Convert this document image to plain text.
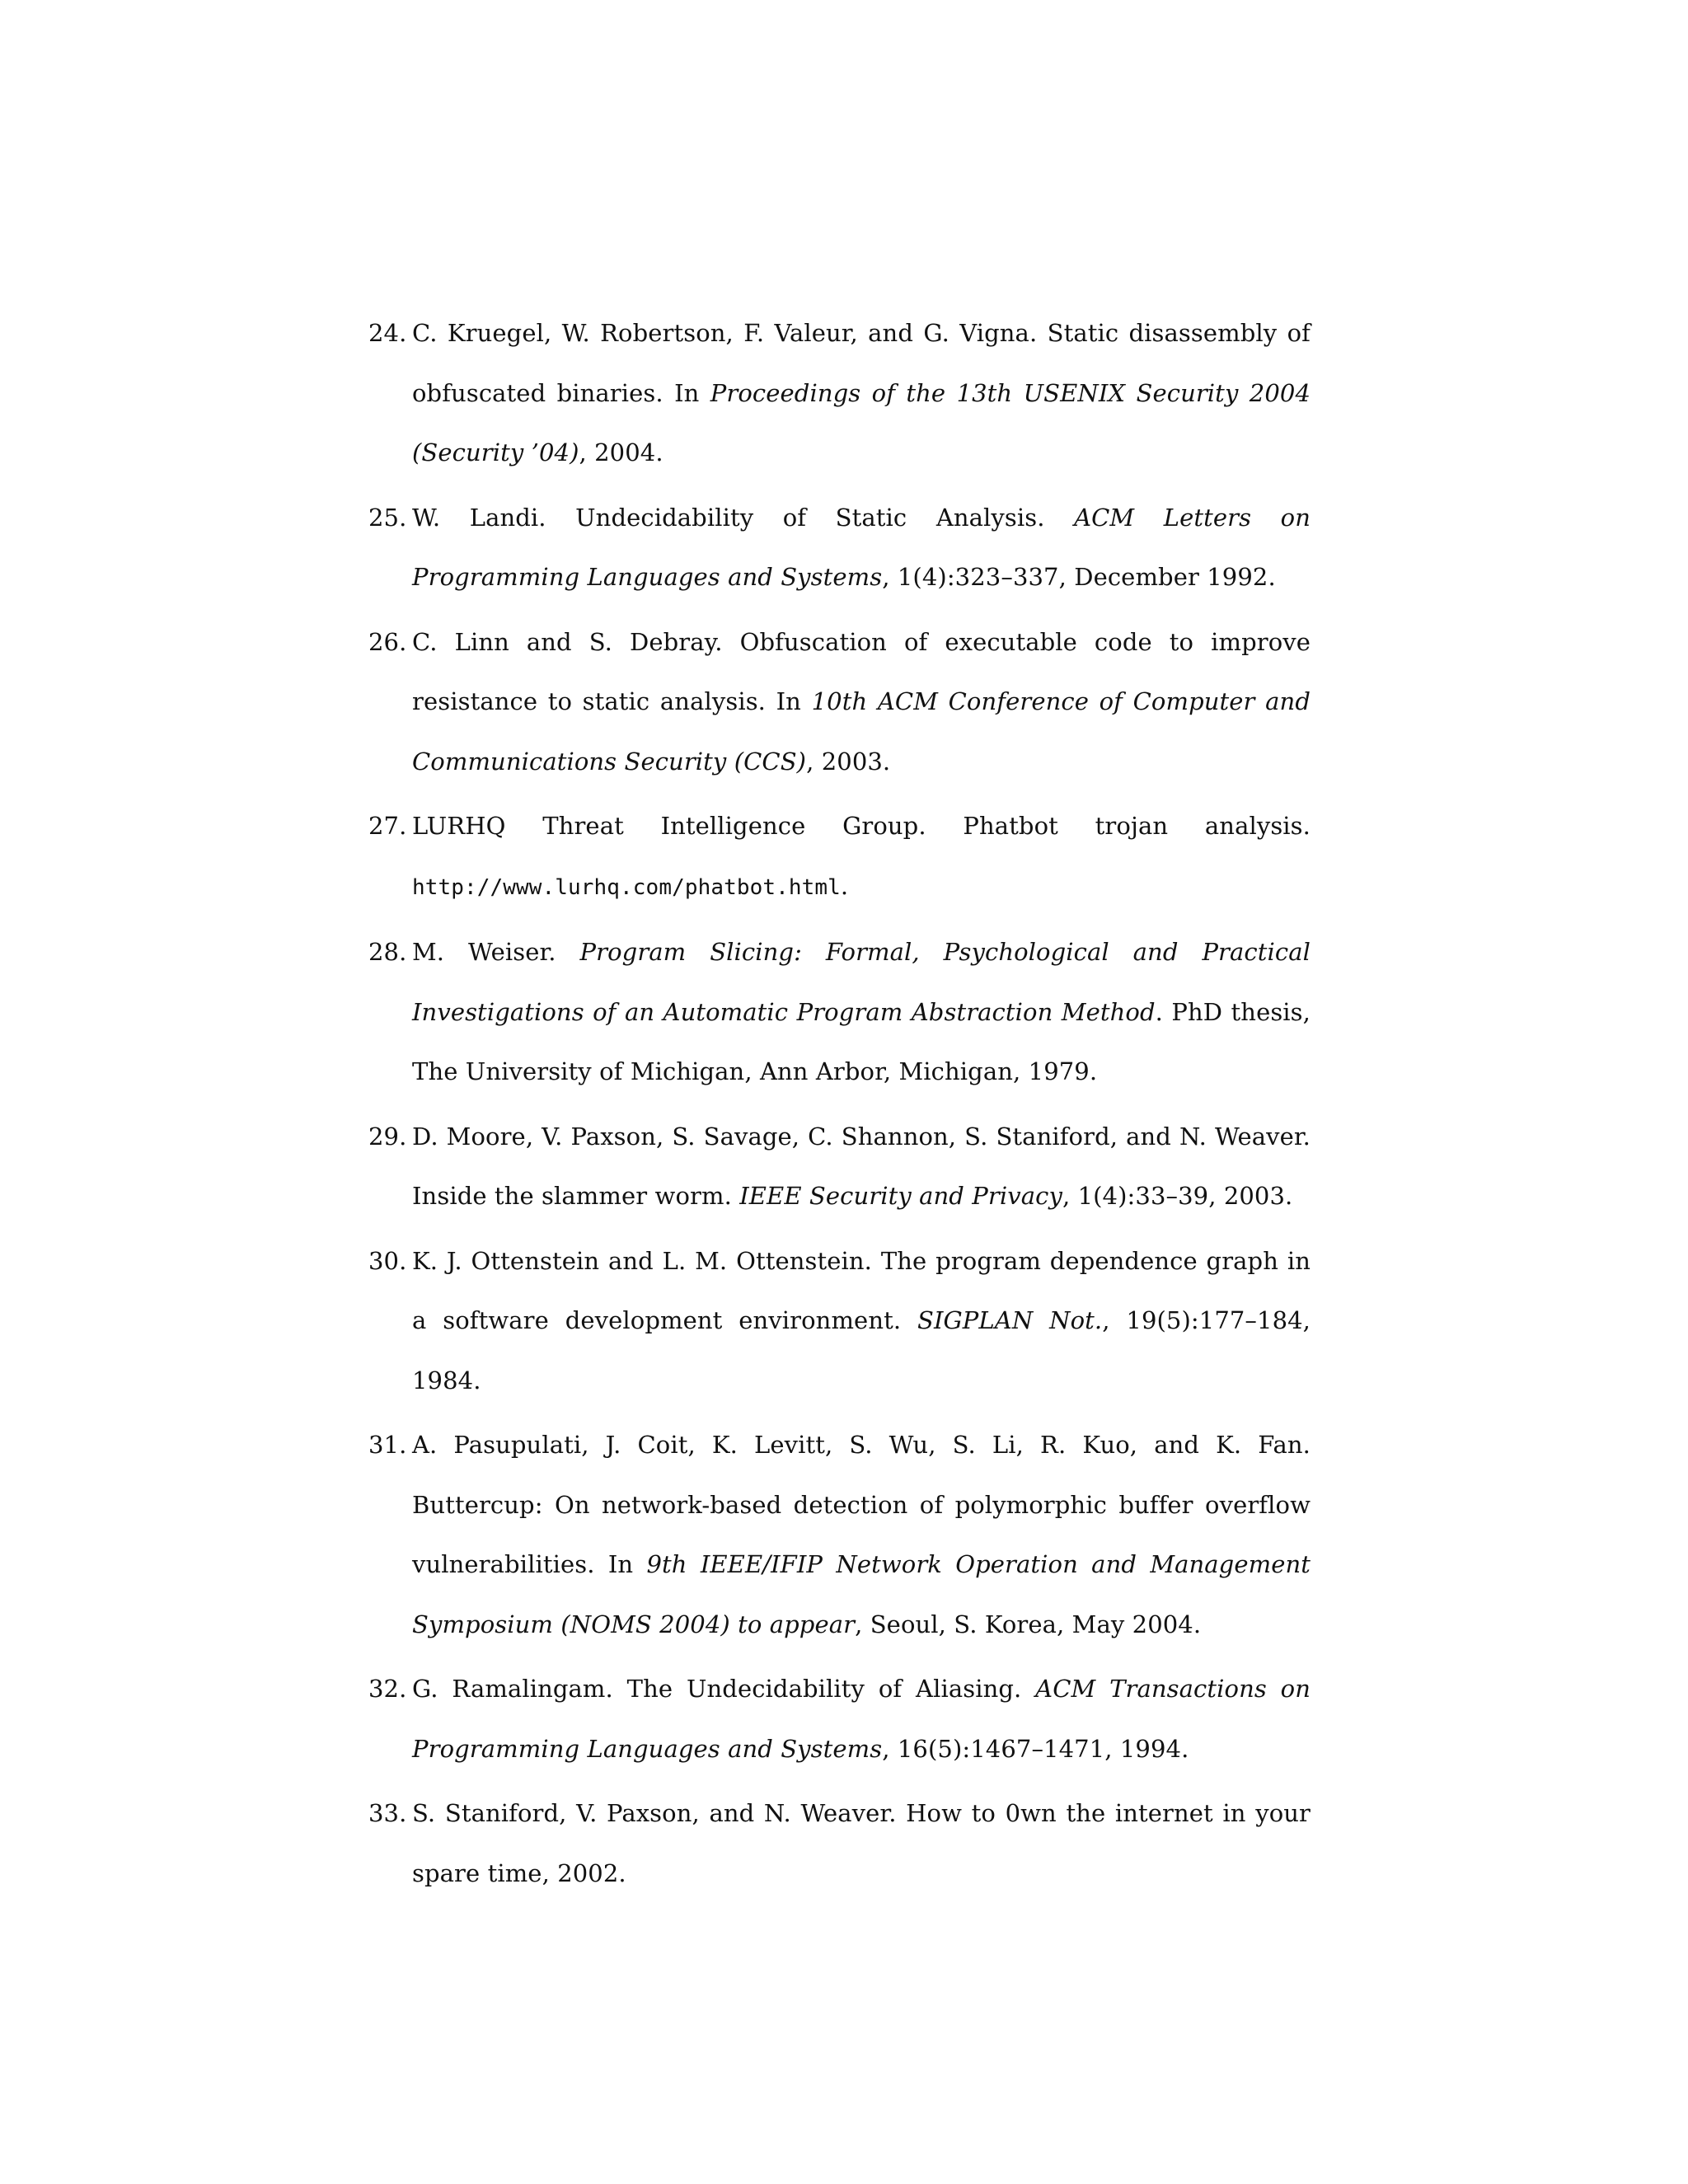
24. C. Kruegel, W. Robertson, F. Valeur, and G. Vigna. Static disassembly of obfuscated binaries. In Proceedings of the 13th USENIX Security 2004 (Security ’04), 2004.
25. W. Landi. Undecidability of Static Analysis. ACM Letters on Programming Languages and Systems, 1(4):323–337, December 1992.
26. C. Linn and S. Debray. Obfuscation of executable code to improve resistance to static analysis. In 10th ACM Conference of Computer and Communications Security (CCS), 2003.
27. LURHQ Threat Intelligence Group. Phatbot trojan analysis. http://www.lurhq.com/phatbot.html.
28. M. Weiser. Program Slicing: Formal, Psychological and Practical Investigations of an Automatic Program Abstraction Method. PhD thesis, The University of Michigan, Ann Arbor, Michigan, 1979.
29. D. Moore, V. Paxson, S. Savage, C. Shannon, S. Staniford, and N. Weaver. Inside the slammer worm. IEEE Security and Privacy, 1(4):33–39, 2003.
30. K. J. Ottenstein and L. M. Ottenstein. The program dependence graph in a software development environment. SIGPLAN Not., 19(5):177–184, 1984.
31. A. Pasupulati, J. Coit, K. Levitt, S. Wu, S. Li, R. Kuo, and K. Fan. Buttercup: On network-based detection of polymorphic buffer overflow vulnerabilities. In 9th IEEE/IFIP Network Operation and Management Symposium (NOMS 2004) to appear, Seoul, S. Korea, May 2004.
32. G. Ramalingam. The Undecidability of Aliasing. ACM Transactions on Programming Languages and Systems, 16(5):1467–1471, 1994.
33. S. Staniford, V. Paxson, and N. Weaver. How to 0wn the internet in your spare time, 2002.
